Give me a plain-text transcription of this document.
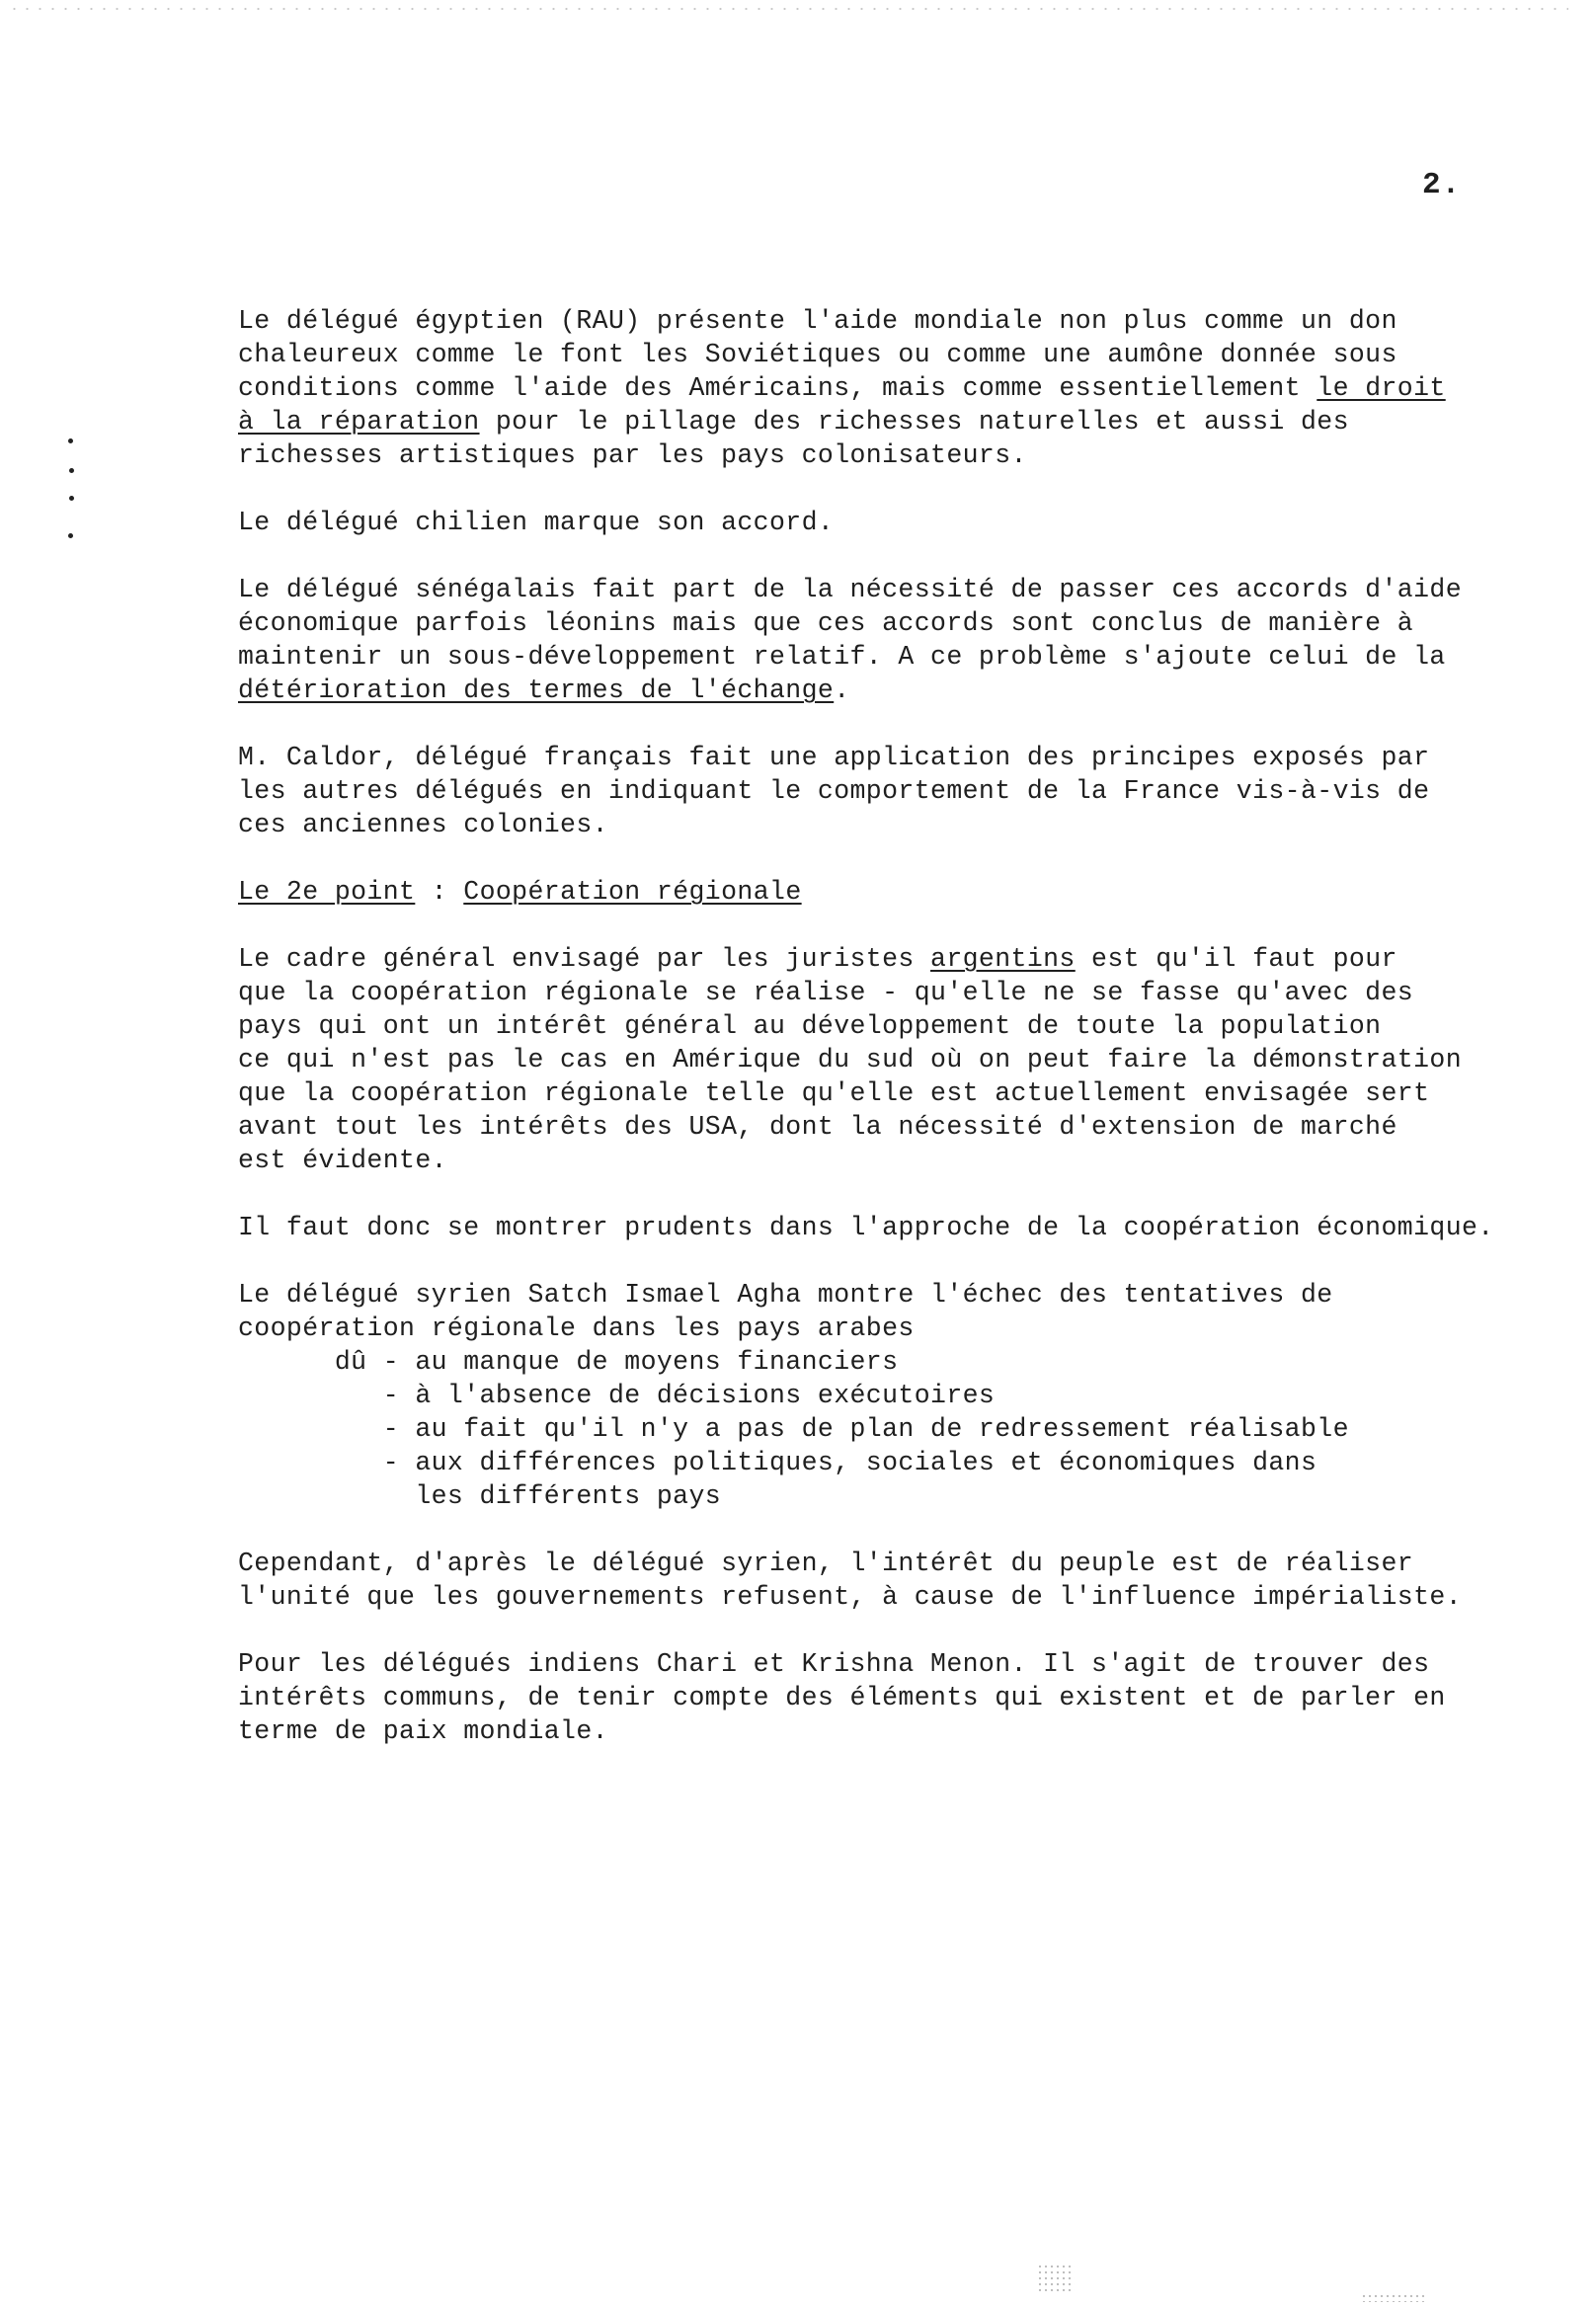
2.
Le délégué égyptien (RAU) présente l'aide mondiale non plus comme un don
chaleureux comme le font les Soviétiques ou comme une aumône donnée sous
conditions comme l'aide des Américains, mais comme essentiellement le droit
à la réparation pour le pillage des richesses naturelles et aussi des
richesses artistiques par les pays colonisateurs.
Le délégué chilien marque son accord.
Le délégué sénégalais fait part de la nécessité de passer ces accords d'aide
économique parfois léonins mais que ces accords sont conclus de manière à
maintenir un sous-développement relatif. A ce problème s'ajoute celui de la
détérioration des termes de l'échange.
M. Caldor, délégué français fait une application des principes exposés par
les autres délégués en indiquant le comportement de la France vis-à-vis de
ces anciennes colonies.
Le 2e point : Coopération régionale
Le cadre général envisagé par les juristes argentins est qu'il faut pour
que la coopération régionale se réalise - qu'elle ne se fasse qu'avec des
pays qui ont un intérêt général au développement de toute la population
ce qui n'est pas le cas en Amérique du sud où on peut faire la démonstration
que la coopération régionale telle qu'elle est actuellement envisagée sert
avant tout les intérêts des USA, dont la nécessité d'extension de marché
est évidente.
Il faut donc se montrer prudents dans l'approche de la coopération économique.
Le délégué syrien Satch Ismael Agha montre l'échec des tentatives de
coopération régionale dans les pays arabes
dû - au manque de moyens financiers
- à l'absence de décisions exécutoires
- au fait qu'il n'y a pas de plan de redressement réalisable
- aux différences politiques, sociales et économiques dans
les différents pays
Cependant, d'après le délégué syrien, l'intérêt du peuple est de réaliser
l'unité que les gouvernements refusent, à cause de l'influence impérialiste.
Pour les délégués indiens Chari et Krishna Menon. Il s'agit de trouver des
intérêts communs, de tenir compte des éléments qui existent et de parler en
terme de paix mondiale.
